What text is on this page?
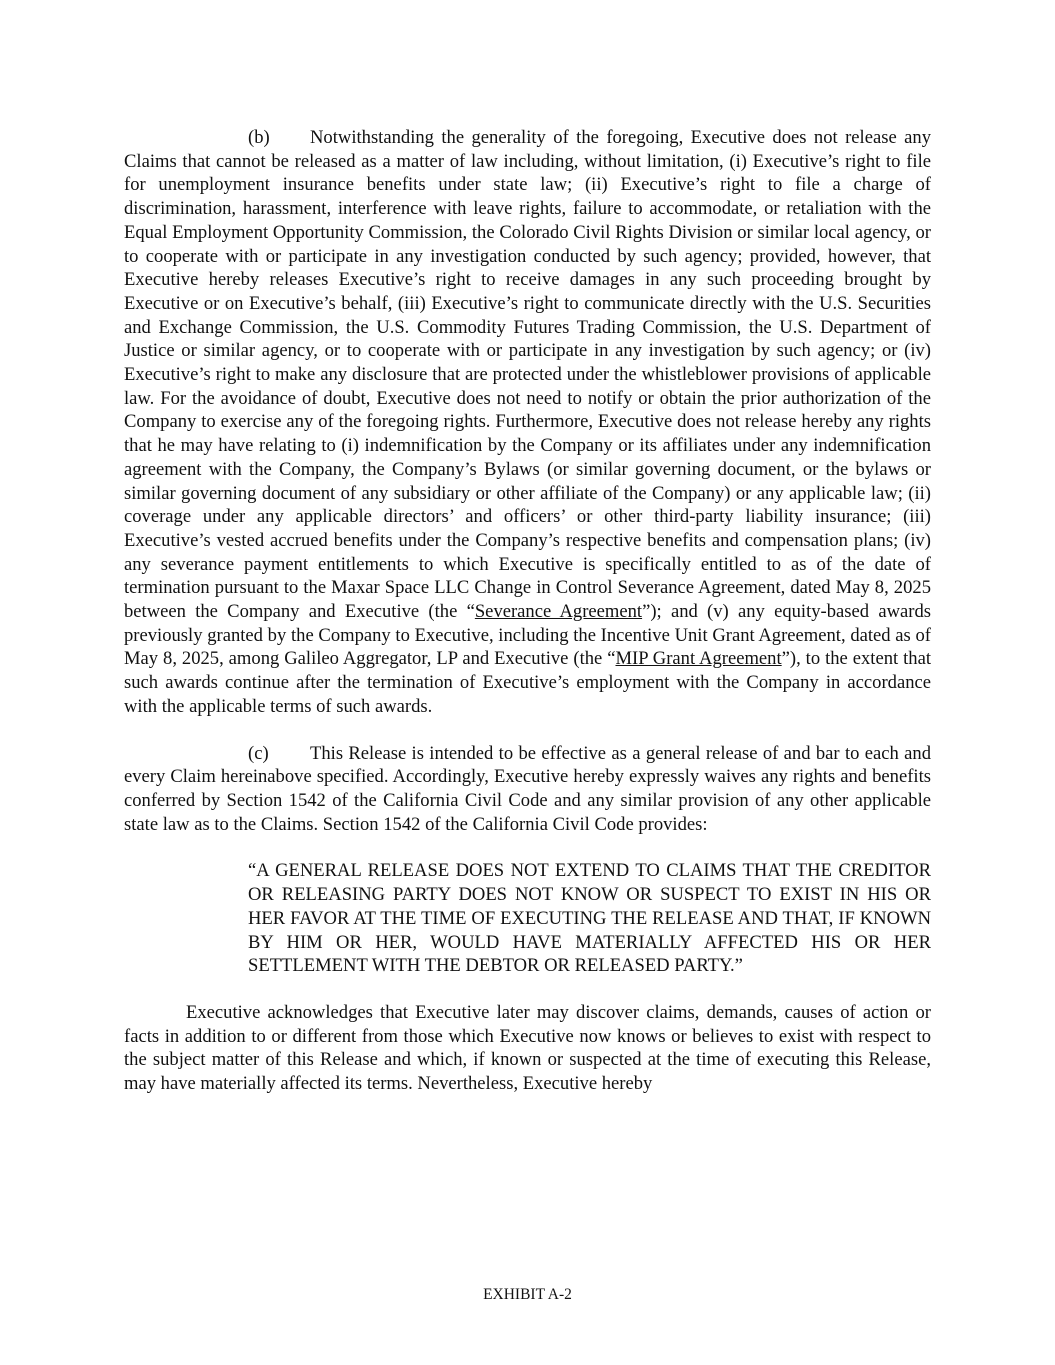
(b) Notwithstanding the generality of the foregoing, Executive does not release any Claims that cannot be released as a matter of law including, without limitation, (i) Executive’s right to file for unemployment insurance benefits under state law; (ii) Executive’s right to file a charge of discrimination, harassment, interference with leave rights, failure to accommodate, or retaliation with the Equal Employment Opportunity Commission, the Colorado Civil Rights Division or similar local agency, or to cooperate with or participate in any investigation conducted by such agency; provided, however, that Executive hereby releases Executive’s right to receive damages in any such proceeding brought by Executive or on Executive’s behalf, (iii) Executive’s right to communicate directly with the U.S. Securities and Exchange Commission, the U.S. Commodity Futures Trading Commission, the U.S. Department of Justice or similar agency, or to cooperate with or participate in any investigation by such agency; or (iv) Executive’s right to make any disclosure that are protected under the whistleblower provisions of applicable law. For the avoidance of doubt, Executive does not need to notify or obtain the prior authorization of the Company to exercise any of the foregoing rights. Furthermore, Executive does not release hereby any rights that he may have relating to (i) indemnification by the Company or its affiliates under any indemnification agreement with the Company, the Company’s Bylaws (or similar governing document, or the bylaws or similar governing document of any subsidiary or other affiliate of the Company) or any applicable law; (ii) coverage under any applicable directors’ and officers’ or other third-party liability insurance; (iii) Executive’s vested accrued benefits under the Company’s respective benefits and compensation plans; (iv) any severance payment entitlements to which Executive is specifically entitled to as of the date of termination pursuant to the Maxar Space LLC Change in Control Severance Agreement, dated May 8, 2025 between the Company and Executive (the “Severance Agreement”); and (v) any equity-based awards previously granted by the Company to Executive, including the Incentive Unit Grant Agreement, dated as of May 8, 2025, among Galileo Aggregator, LP and Executive (the “MIP Grant Agreement”), to the extent that such awards continue after the termination of Executive’s employment with the Company in accordance with the applicable terms of such awards.

(c) This Release is intended to be effective as a general release of and bar to each and every Claim hereinabove specified. Accordingly, Executive hereby expressly waives any rights and benefits conferred by Section 1542 of the California Civil Code and any similar provision of any other applicable state law as to the Claims. Section 1542 of the California Civil Code provides:

“A GENERAL RELEASE DOES NOT EXTEND TO CLAIMS THAT THE CREDITOR OR RELEASING PARTY DOES NOT KNOW OR SUSPECT TO EXIST IN HIS OR HER FAVOR AT THE TIME OF EXECUTING THE RELEASE AND THAT, IF KNOWN BY HIM OR HER, WOULD HAVE MATERIALLY AFFECTED HIS OR HER SETTLEMENT WITH THE DEBTOR OR RELEASED PARTY.”

Executive acknowledges that Executive later may discover claims, demands, causes of action or facts in addition to or different from those which Executive now knows or believes to exist with respect to the subject matter of this Release and which, if known or suspected at the time of executing this Release, may have materially affected its terms. Nevertheless, Executive hereby

EXHIBIT A-2
